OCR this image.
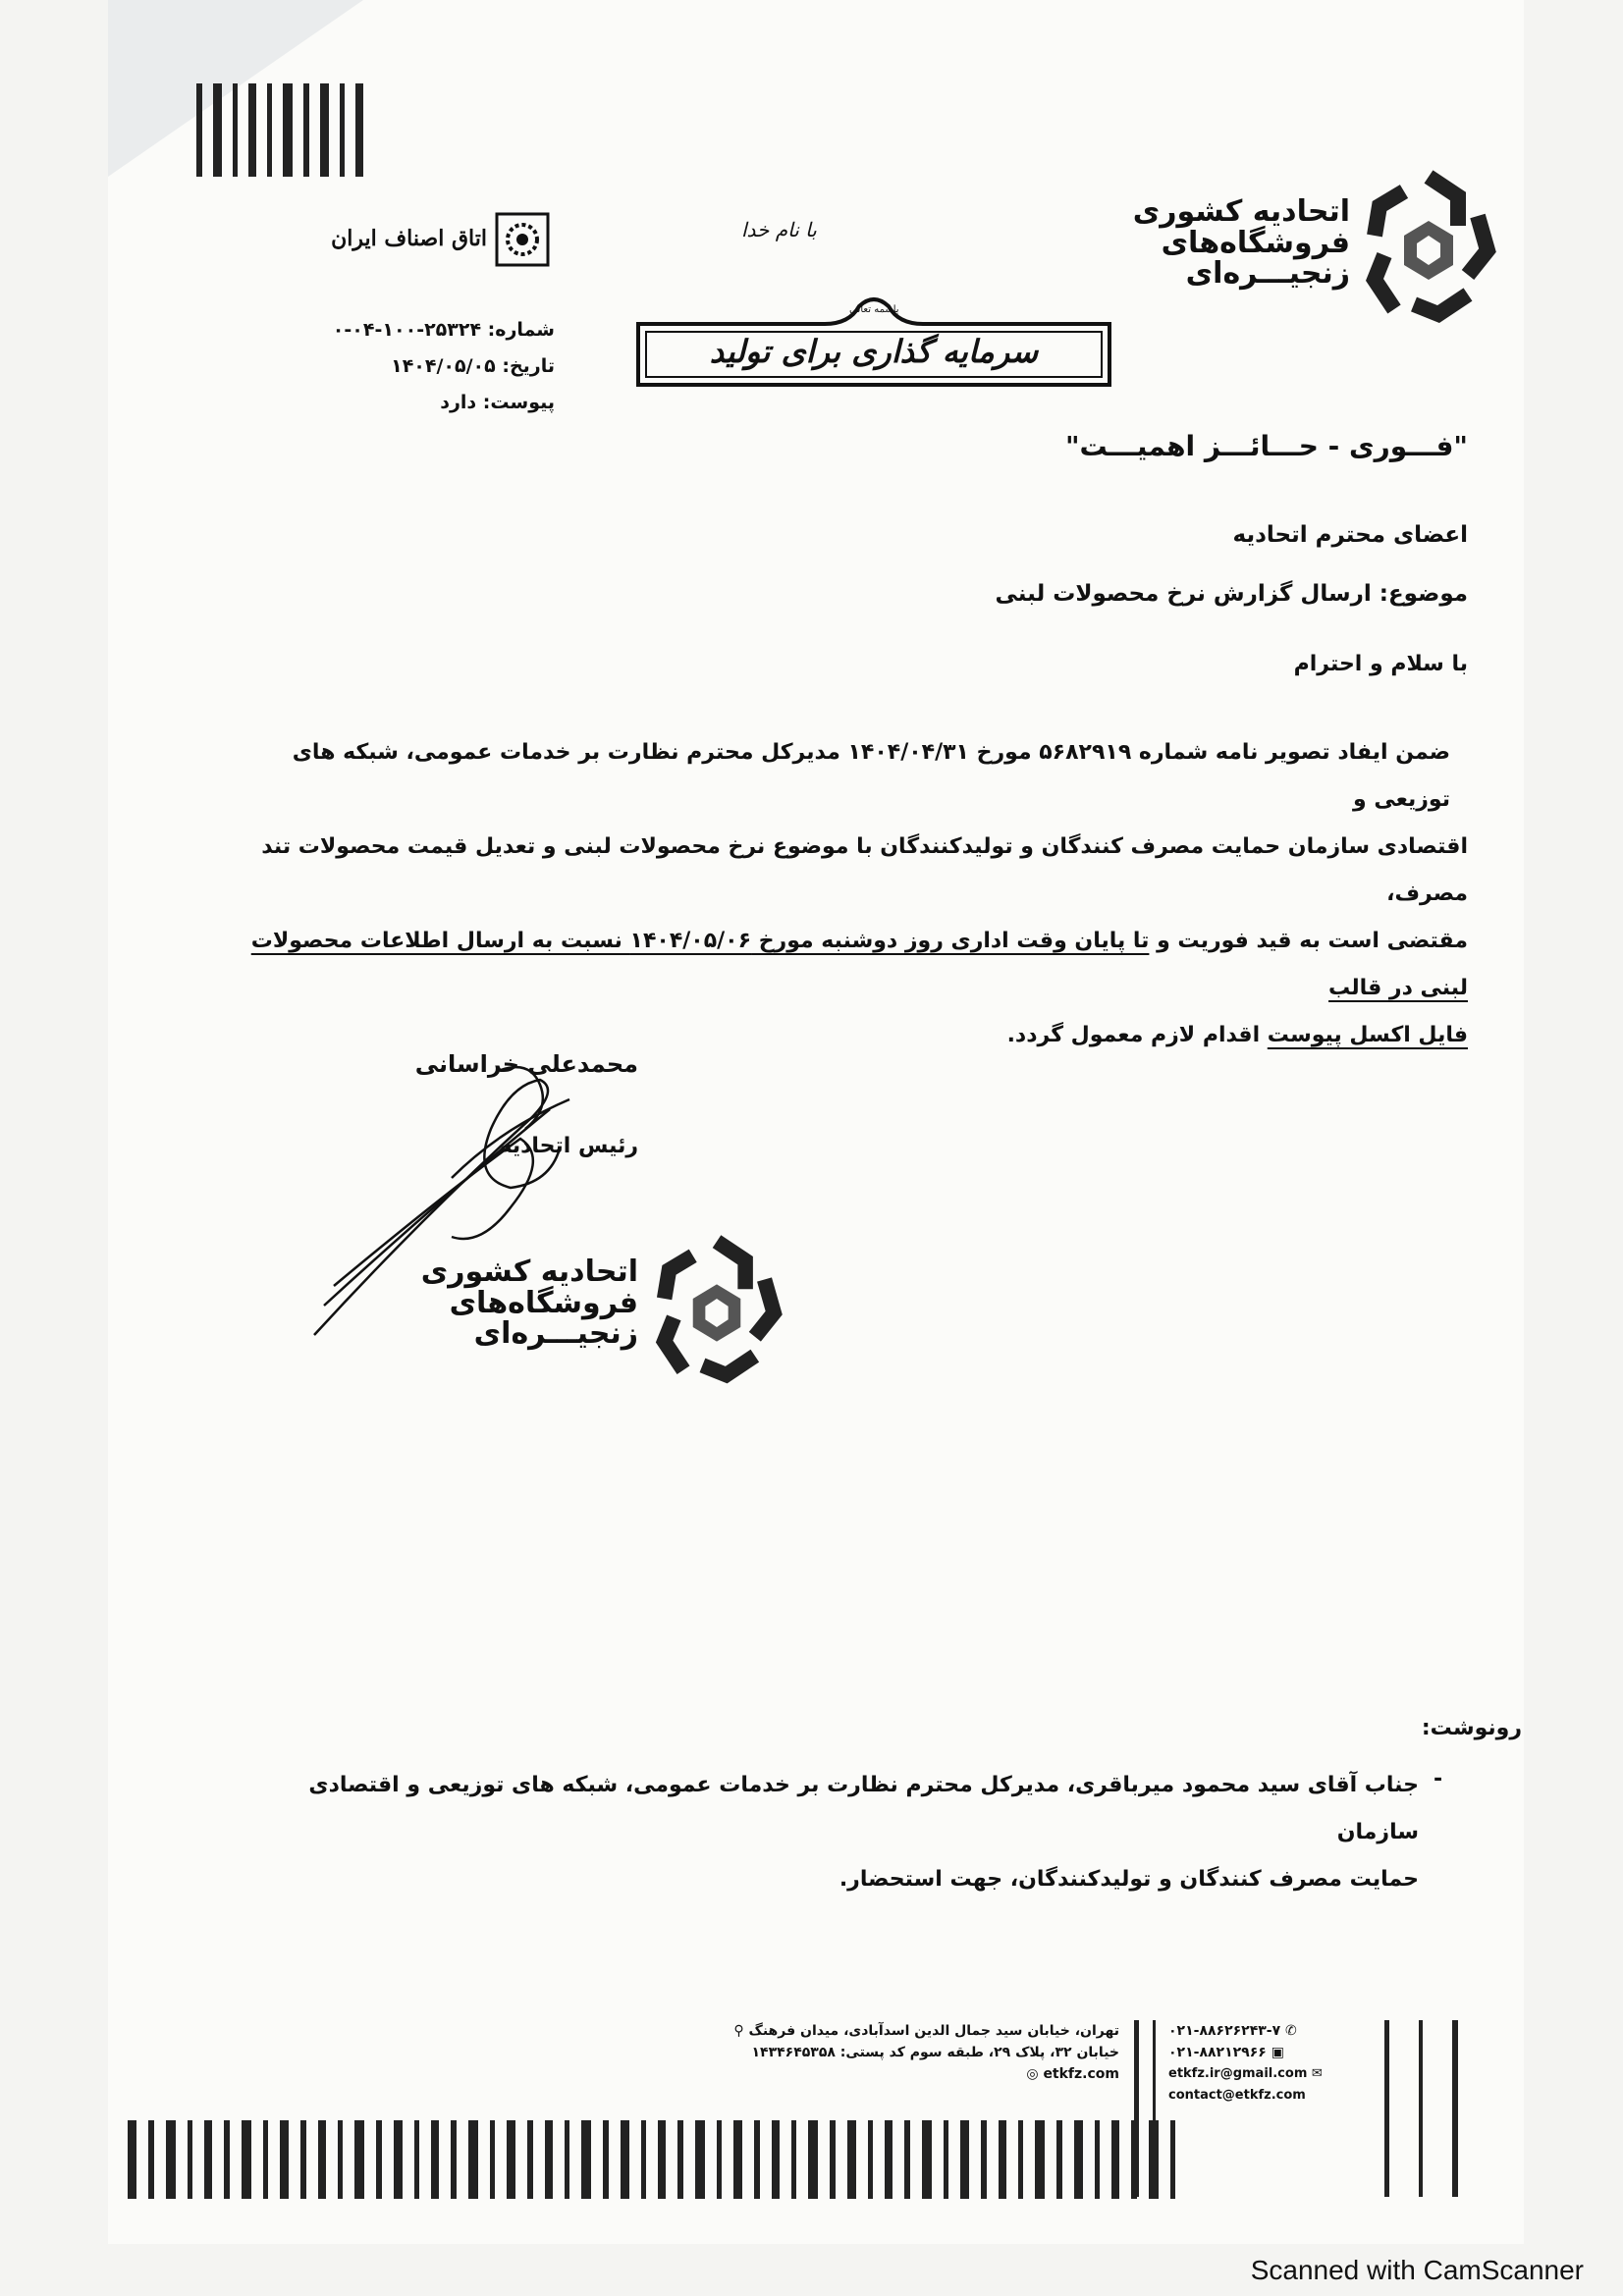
اتاق اصناف ایران
شماره: ۲۵۳۲۴-۱۰۰-۰۴-۰
تاریخ: ۱۴۰۴/۰۵/۰۵
پیوست: دارد
با نام خدا
باسمه تعالی
سرمایه گذاری برای تولید
اتحادیه کشوری
فروشگاه‌های
زنجیـــره‌ای
"فـــوری - حـــائـــز اهمیـــت"
اعضای محترم اتحادیه
موضوع: ارسال گزارش نرخ محصولات لبنی
با سلام و احترام
ضمن ایفاد تصویر نامه شماره ۵۶۸۲۹۱۹ مورخ ۱۴۰۴/۰۴/۳۱ مدیرکل محترم نظارت بر خدمات عمومی، شبکه های توزیعی و
اقتصادی سازمان حمایت مصرف کنندگان و تولیدکنندگان با موضوع نرخ محصولات لبنی و تعدیل قیمت محصولات تند مصرف،
مقتضی است به قید فوریت و تا پایان وقت اداری روز دوشنبه مورخ ۱۴۰۴/۰۵/۰۶ نسبت به ارسال اطلاعات محصولات لبنی در قالب
فایل اکسل پیوست اقدام لازم معمول گردد.
محمدعلی خراسانی
رئیس اتحادیه
اتحادیه کشوری
فروشگاه‌های
زنجیـــره‌ای
رونوشت:
-
جناب آقای سید محمود میرباقری، مدیرکل محترم نظارت بر خدمات عمومی، شبکه های توزیعی و اقتصادی سازمان
حمایت مصرف کنندگان و تولیدکنندگان، جهت استحضار.
تهران، خیابان سید جمال الدین اسدآبادی، میدان فرهنگ ⚲
خیابان ۳۲، پلاک ۲۹، طبقه سوم کد پستی: ۱۴۳۴۶۴۵۳۵۸
etkfz.com ◎
۰۲۱-۸۸۶۲۶۲۴۳-۷ ✆
۰۲۱-۸۸۲۱۲۹۶۶ ▣
etkfz.ir@gmail.com ✉
contact@etkfz.com
Scanned with CamScanner
